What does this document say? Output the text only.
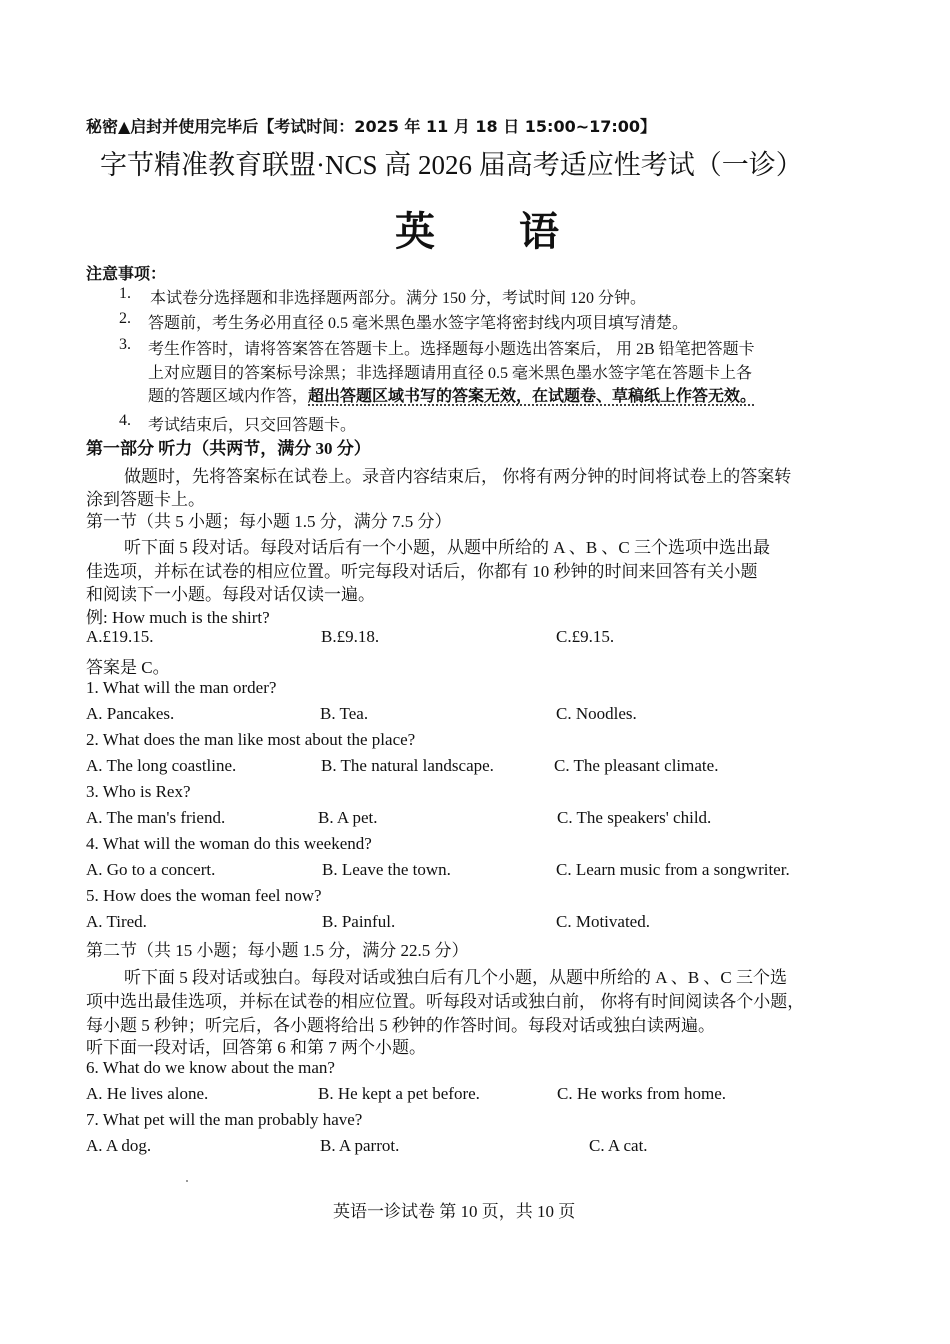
秘密▲启封并使用完毕后【考试时间：2025 年 11 月 18 日 15:00~17:00】
字节精准教育联盟·NCS 高 2026 届高考适应性考试（一诊）
英 语
注意事项：
1. 本试卷分选择题和非选择题两部分。满分 150 分，考试时间 120 分钟。
2. 答题前，考生务必用直径 0.5 毫米黑色墨水签字笔将密封线内项目填写清楚。
3. 考生作答时，请将答案答在答题卡上。选择题每小题选出答案后， 用 2B 铅笔把答题卡
上对应题目的答案标号涂黑；非选择题请用直径 0.5 毫米黑色墨水签字笔在答题卡上各
题的答题区域内作答，超出答题区域书写的答案无效，在试题卷、草稿纸上作答无效。
4. 考试结束后，只交回答题卡。
第一部分 听力（共两节，满分 30 分）
做题时，先将答案标在试卷上。录音内容结束后， 你将有两分钟的时间将试卷上的答案转
涂到答题卡上。
第一节（共 5 小题；每小题 1.5 分，满分 7.5 分）
听下面 5 段对话。每段对话后有一个小题，从题中所给的 A 、B 、C 三个选项中选出最
佳选项，并标在试卷的相应位置。听完每段对话后，你都有 10 秒钟的时间来回答有关小题
和阅读下一小题。每段对话仅读一遍。
例: How much is the shirt?
A.£19.15.	B.£9.18.	C.£9.15.
答案是 C。
1. What will the man order?
A. Pancakes.	B. Tea.	C. Noodles.
2. What does the man like most about the place?
A. The long coastline.	B. The natural landscape.	C. The pleasant climate.
3. Who is Rex?
A. The man's friend.	B. A pet.	C. The speakers' child.
4. What will the woman do this weekend?
A. Go to a concert.	B. Leave the town.	C. Learn music from a songwriter.
5. How does the woman feel now?
A. Tired.	B. Painful.	C. Motivated.
第二节（共 15 小题；每小题 1.5 分，满分 22.5 分）
听下面 5 段对话或独白。每段对话或独白后有几个小题，从题中所给的 A 、B 、C 三个选
项中选出最佳选项，并标在试卷的相应位置。听每段对话或独白前， 你将有时间阅读各个小题，
每小题 5 秒钟；听完后，各小题将给出 5 秒钟的作答时间。每段对话或独白读两遍。
听下面一段对话，回答第 6 和第 7 两个小题。
6. What do we know about the man?
A. He lives alone.	B. He kept a pet before.	C. He works from home.
7. What pet will the man probably have?
A. A dog.	B. A parrot.	C. A cat.
英语一诊试卷 第 10 页，共 10 页
